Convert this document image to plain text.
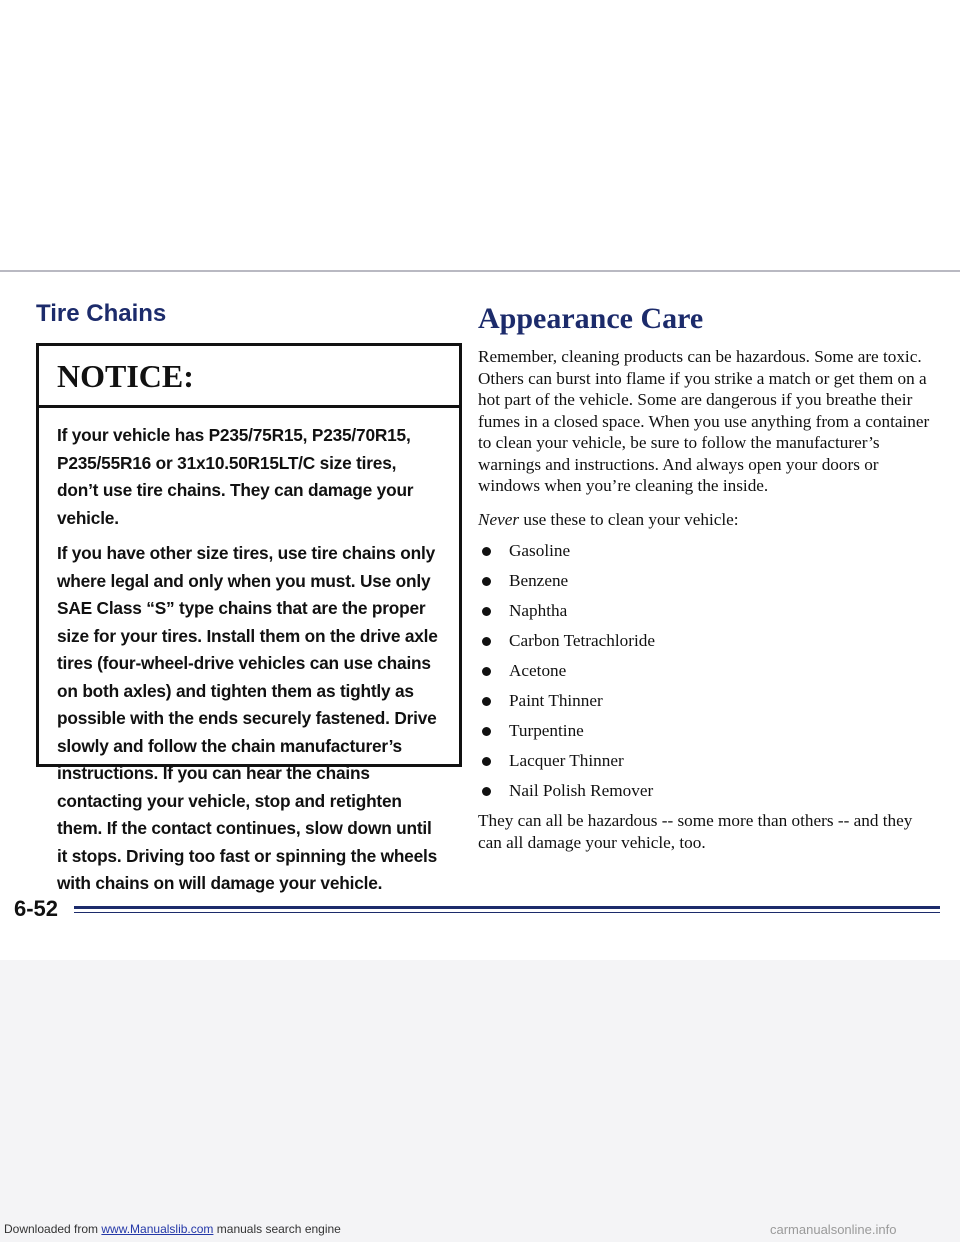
Tire Chains
NOTICE:

If your vehicle has P235/75R15, P235/70R15, P235/55R16 or 31x10.50R15LT/C size tires, don’t use tire chains. They can damage your vehicle.

If you have other size tires, use tire chains only where legal and only when you must. Use only SAE Class “S” type chains that are the proper size for your tires. Install them on the drive axle tires (four-wheel-drive vehicles can use chains on both axles) and tighten them as tightly as possible with the ends securely fastened. Drive slowly and follow the chain manufacturer’s instructions. If you can hear the chains contacting your vehicle, stop and retighten them. If the contact continues, slow down until it stops. Driving too fast or spinning the wheels with chains on will damage your vehicle.

Appearance Care

Remember, cleaning products can be hazardous. Some are toxic. Others can burst into flame if you strike a match or get them on a hot part of the vehicle. Some are dangerous if you breathe their fumes in a closed space. When you use anything from a container to clean your vehicle, be sure to follow the manufacturer’s warnings and instructions. And always open your doors or windows when you’re cleaning the inside.

Never use these to clean your vehicle:

Gasoline
Benzene
Naphtha
Carbon Tetrachloride
Acetone
Paint Thinner
Turpentine
Lacquer Thinner
Nail Polish Remover

They can all be hazardous -- some more than others -- and they can all damage your vehicle, too.

6-52
Downloaded from www.Manualslib.com manuals search engine	carmanualsonline.info
